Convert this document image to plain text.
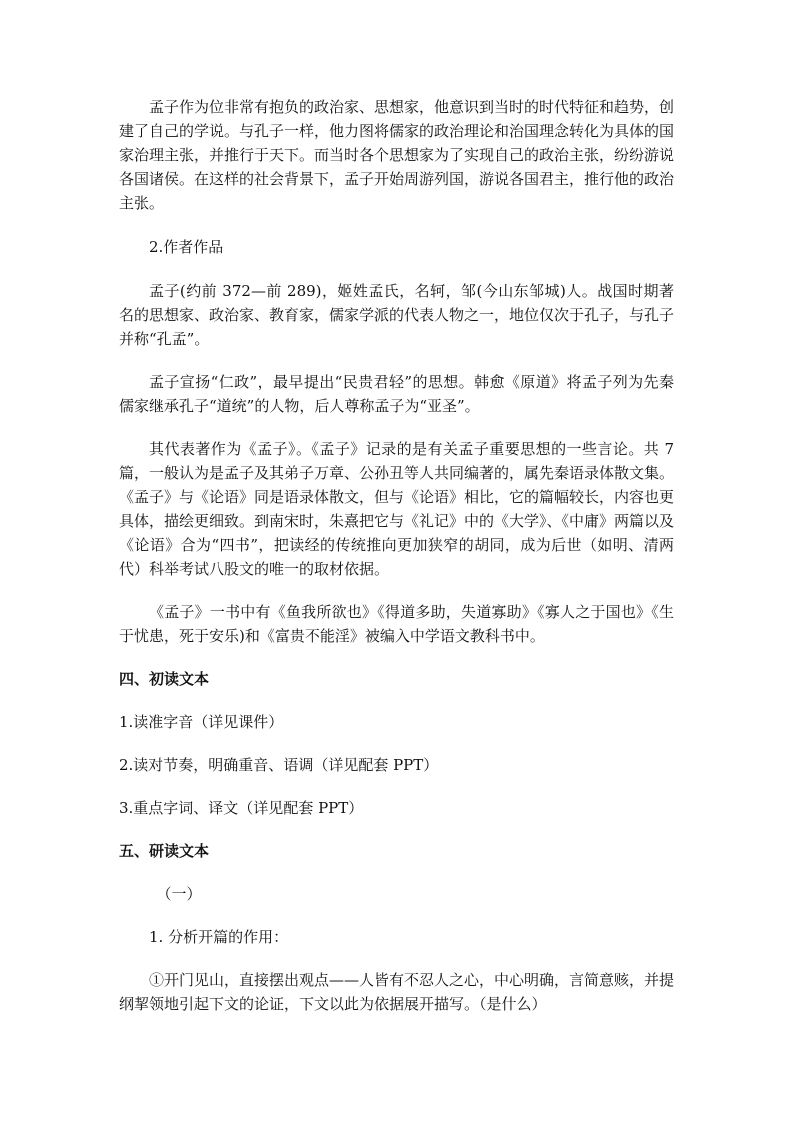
孟子作为位非常有抱负的政治家、思想家，他意识到当时的时代特征和趋势，创建了自己的学说。与孔子一样，他力图将儒家的政治理论和治国理念转化为具体的国家治理主张，并推行于天下。而当时各个思想家为了实现自己的政治主张，纷纷游说各国诸侯。在这样的社会背景下，孟子开始周游列国，游说各国君主，推行他的政治主张。

2.作者作品

孟子(约前 372—前 289)，姬姓孟氏，名轲，邹(今山东邹城)人。战国时期著名的思想家、政治家、教育家，儒家学派的代表人物之一，地位仅次于孔子，与孔子并称“孔孟”。

孟子宣扬“仁政”，最早提出“民贵君轻”的思想。韩愈《原道》将孟子列为先秦儒家继承孔子“道统”的人物，后人尊称孟子为“亚圣”。

其代表著作为《孟子》。《孟子》记录的是有关孟子重要思想的一些言论。共 7 篇，一般认为是孟子及其弟子万章、公孙丑等人共同编著的，属先秦语录体散文集。《孟子》与《论语》同是语录体散文，但与《论语》相比，它的篇幅较长，内容也更具体，描绘更细致。到南宋时，朱熹把它与《礼记》中的《大学》、《中庸》两篇以及《论语》合为“四书”，把读经的传统推向更加狭窄的胡同，成为后世（如明、清两代）科举考试八股文的唯一的取材依据。

《孟子》一书中有《鱼我所欲也》《得道多助，失道寡助》《寡人之于国也》《生于忧患，死于安乐)和《富贵不能淫》被编入中学语文教科书中。

四、初读文本

1.读准字音（详见课件）

2.读对节奏，明确重音、语调（详见配套 PPT）

3.重点字词、译文（详见配套 PPT）

五、研读文本

（一）

1. 分析开篇的作用：

①开门见山，直接摆出观点——人皆有不忍人之心，中心明确，言简意赅，并提纲挈领地引起下文的论证，下文以此为依据展开描写。（是什么）
